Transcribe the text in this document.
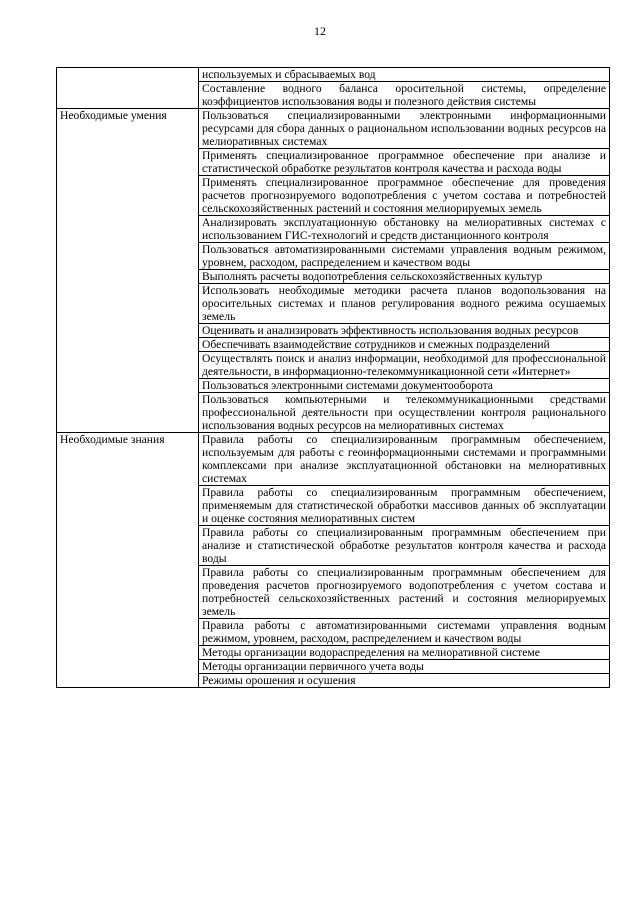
12
	используемых и сбрасываемых вод
	Составление водного баланса оросительной системы, определение коэффициентов использования воды и полезного действия системы
Необходимые умения	Пользоваться специализированными электронными информационными ресурсами для сбора данных о рациональном использовании водных ресурсов на мелиоративных системах
	Применять специализированное программное обеспечение при анализе и статистической обработке результатов контроля качества и расхода воды
	Применять специализированное программное обеспечение для проведения расчетов прогнозируемого водопотребления с учетом состава и потребностей сельскохозяйственных растений и состояния мелиорируемых земель
	Анализировать эксплуатационную обстановку на мелиоративных системах с использованием ГИС-технологий и средств дистанционного контроля
	Пользоваться автоматизированными системами управления водным режимом, уровнем, расходом, распределением и качеством воды
	Выполнять расчеты водопотребления сельскохозяйственных культур
	Использовать необходимые методики расчета планов водопользования на оросительных системах и планов регулирования водного режима осушаемых земель
	Оценивать и анализировать эффективность использования водных ресурсов
	Обеспечивать взаимодействие сотрудников и смежных подразделений
	Осуществлять поиск и анализ информации, необходимой для профессиональной деятельности, в информационно-телекоммуникационной сети «Интернет»
	Пользоваться электронными системами документооборота
	Пользоваться компьютерными и телекоммуникационными средствами профессиональной деятельности при осуществлении контроля рационального использования водных ресурсов на мелиоративных системах
Необходимые знания	Правила работы со специализированным программным обеспечением, используемым для работы с геоинформационными системами и программными комплексами при анализе эксплуатационной обстановки на мелиоративных системах
	Правила работы со специализированным программным обеспечением, применяемым для статистической обработки массивов данных об эксплуатации и оценке состояния мелиоративных систем
	Правила работы со специализированным программным обеспечением при анализе и статистической обработке результатов контроля качества и расхода воды
	Правила работы со специализированным программным обеспечением для проведения расчетов прогнозируемого водопотребления с учетом состава и потребностей сельскохозяйственных растений и состояния мелиорируемых земель
	Правила работы с автоматизированными системами управления водным режимом, уровнем, расходом, распределением и качеством воды
	Методы организации водораспределения на мелиоративной системе
	Методы организации первичного учета воды
	Режимы орошения и осушения
